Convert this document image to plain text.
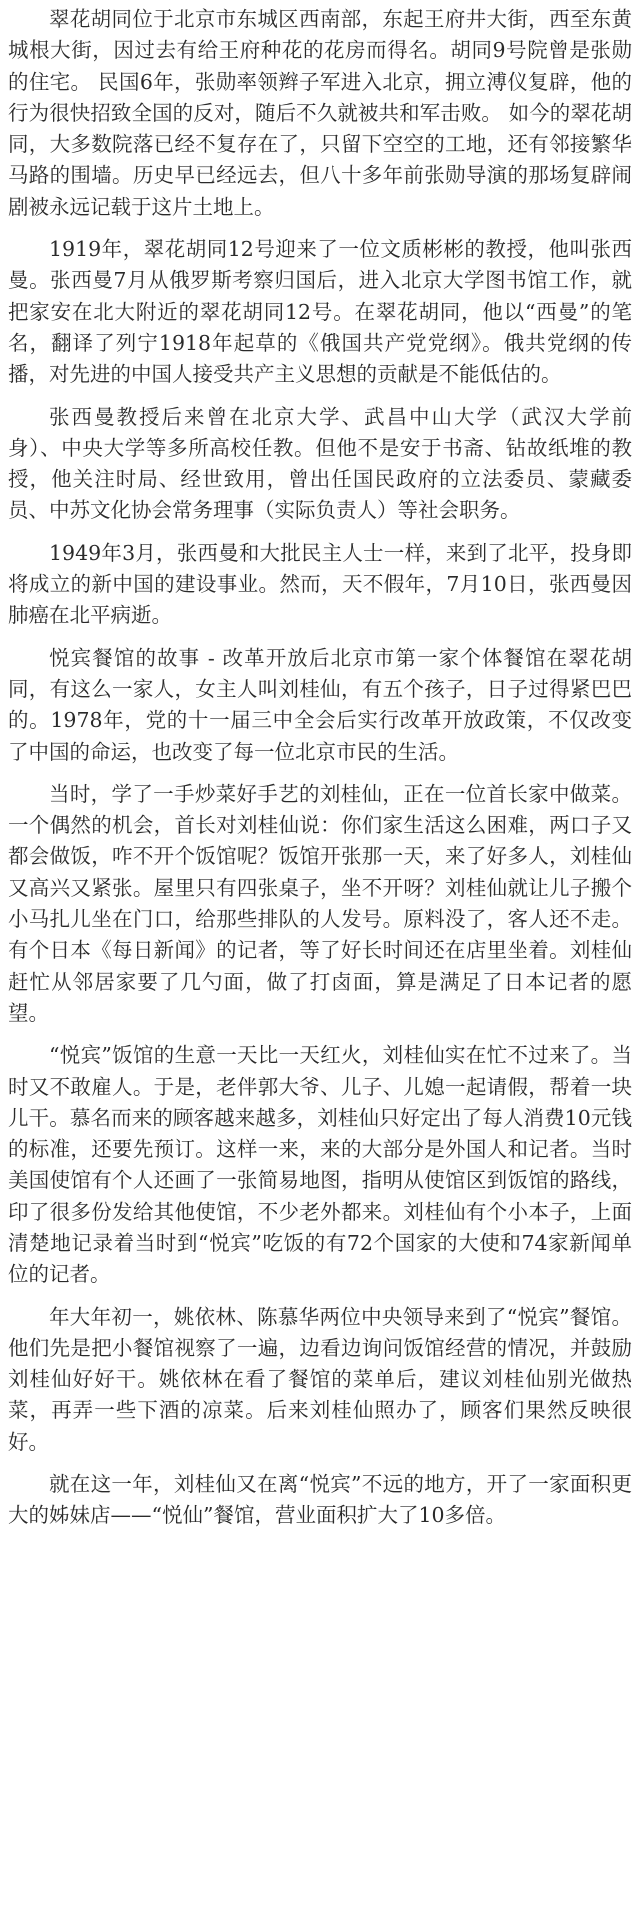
翠花胡同位于北京市东城区西南部，东起王府井大街，西至东黄城根大街，因过去有给王府种花的花房而得名。胡同9号院曾是张勋的住宅。 民国6年，张勋率领辫子军进入北京，拥立溥仪复辟，他的行为很快招致全国的反对，随后不久就被共和军击败。 如今的翠花胡同，大多数院落已经不复存在了，只留下空空的工地，还有邻接繁华马路的围墙。历史早已经远去，但八十多年前张勋导演的那场复辟闹剧被永远记载于这片土地上。

1919年，翠花胡同12号迎来了一位文质彬彬的教授，他叫张西曼。张西曼7月从俄罗斯考察归国后，进入北京大学图书馆工作，就把家安在北大附近的翠花胡同12号。在翠花胡同，他以“西曼”的笔名，翻译了列宁1918年起草的《俄国共产党党纲》。俄共党纲的传播，对先进的中国人接受共产主义思想的贡献是不能低估的。

张西曼教授后来曾在北京大学、武昌中山大学（武汉大学前身）、中央大学等多所高校任教。但他不是安于书斋、钻故纸堆的教授，他关注时局、经世致用，曾出任国民政府的立法委员、蒙藏委员、中苏文化协会常务理事（实际负责人）等社会职务。

1949年3月，张西曼和大批民主人士一样，来到了北平，投身即将成立的新中国的建设事业。然而，天不假年，7月10日，张西曼因肺癌在北平病逝。

悦宾餐馆的故事 - 改革开放后北京市第一家个体餐馆在翠花胡同，有这么一家人，女主人叫刘桂仙，有五个孩子，日子过得紧巴巴的。1978年，党的十一届三中全会后实行改革开放政策，不仅改变了中国的命运，也改变了每一位北京市民的生活。

当时，学了一手炒菜好手艺的刘桂仙，正在一位首长家中做菜。一个偶然的机会，首长对刘桂仙说：你们家生活这么困难，两口子又都会做饭，咋不开个饭馆呢？饭馆开张那一天，来了好多人，刘桂仙又高兴又紧张。屋里只有四张桌子，坐不开呀？刘桂仙就让儿子搬个小马扎儿坐在门口，给那些排队的人发号。原料没了，客人还不走。有个日本《每日新闻》的记者，等了好长时间还在店里坐着。刘桂仙赶忙从邻居家要了几勺面，做了打卤面，算是满足了日本记者的愿望。

“悦宾”饭馆的生意一天比一天红火，刘桂仙实在忙不过来了。当时又不敢雇人。于是，老伴郭大爷、儿子、儿媳一起请假，帮着一块儿干。慕名而来的顾客越来越多，刘桂仙只好定出了每人消费10元钱的标准，还要先预订。这样一来，来的大部分是外国人和记者。当时美国使馆有个人还画了一张简易地图，指明从使馆区到饭馆的路线，印了很多份发给其他使馆，不少老外都来。刘桂仙有个小本子，上面清楚地记录着当时到“悦宾”吃饭的有72个国家的大使和74家新闻单位的记者。

年大年初一，姚依林、陈慕华两位中央领导来到了“悦宾”餐馆。他们先是把小餐馆视察了一遍，边看边询问饭馆经营的情况，并鼓励刘桂仙好好干。姚依林在看了餐馆的菜单后，建议刘桂仙别光做热菜，再弄一些下酒的凉菜。后来刘桂仙照办了，顾客们果然反映很好。

就在这一年，刘桂仙又在离“悦宾”不远的地方，开了一家面积更大的姊妹店——“悦仙”餐馆，营业面积扩大了10多倍。
